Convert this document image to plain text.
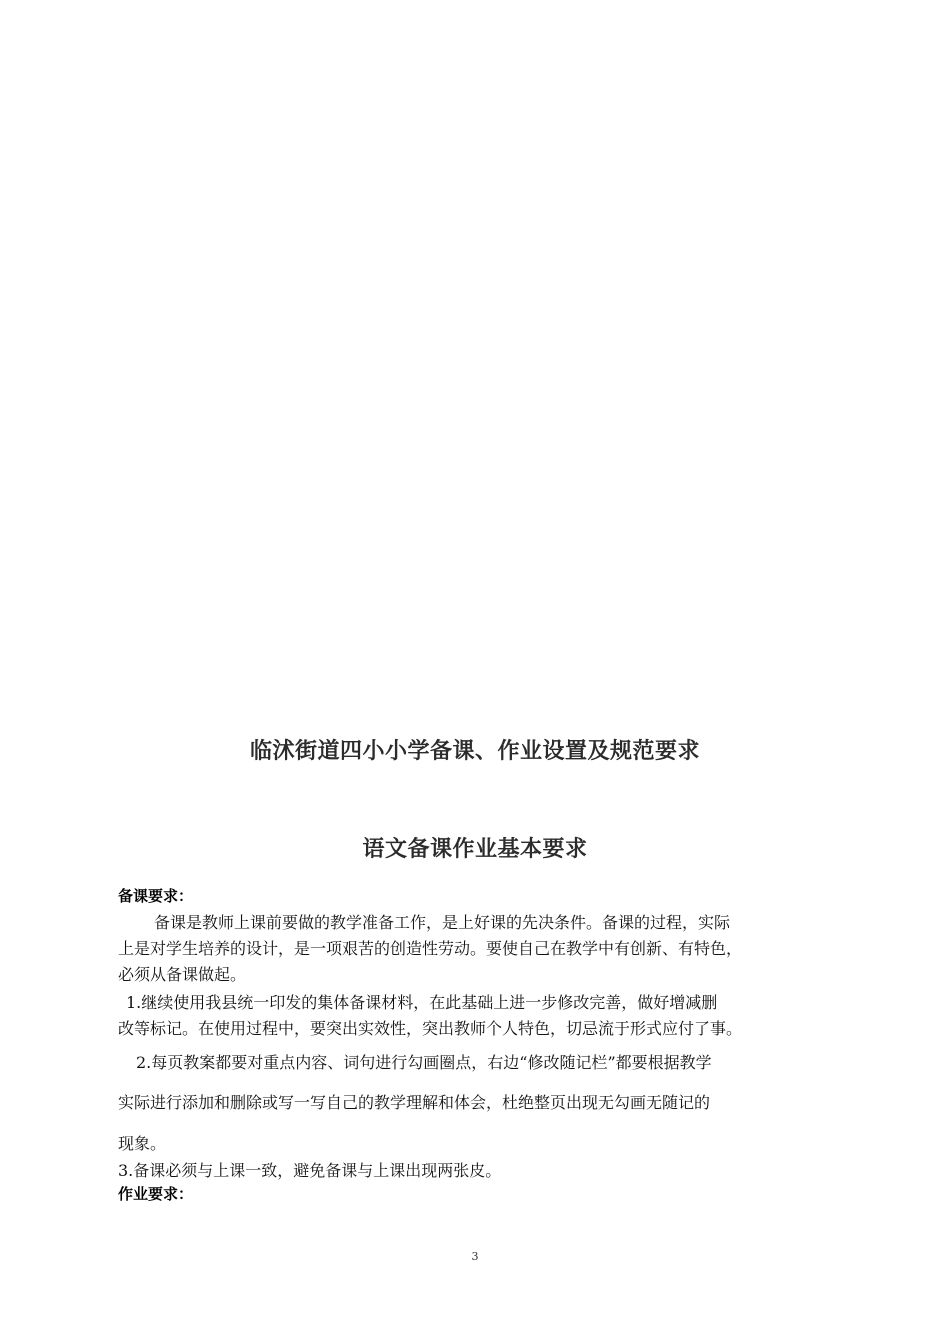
临沭街道四小小学备课、作业设置及规范要求
语文备课作业基本要求
备课要求：
备课是教师上课前要做的教学准备工作，是上好课的先决条件。备课的过程，实际
上是对学生培养的设计，是一项艰苦的创造性劳动。要使自己在教学中有创新、有特色，
必须从备课做起。
1.继续使用我县统一印发的集体备课材料，在此基础上进一步修改完善，做好增减删
改等标记。在使用过程中，要突出实效性，突出教师个人特色，切忌流于形式应付了事。
2.每页教案都要对重点内容、词句进行勾画圈点，右边“修改随记栏”都要根据教学
实际进行添加和删除或写一写自己的教学理解和体会，杜绝整页出现无勾画无随记的
现象。
3.备课必须与上课一致，避免备课与上课出现两张皮。
作业要求：
3
